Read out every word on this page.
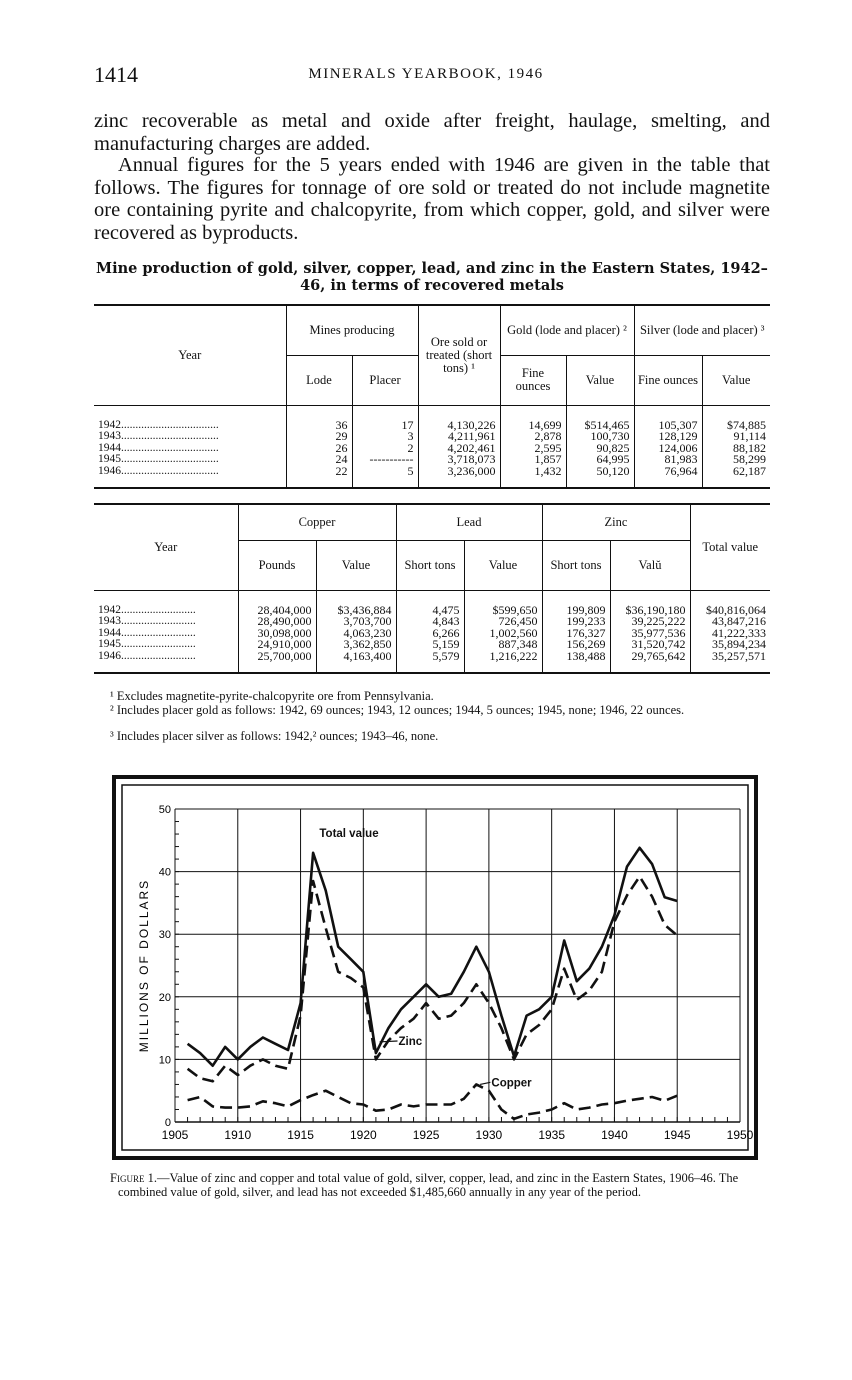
1414	MINERALS YEARBOOK, 1946

zinc recoverable as metal and oxide after freight, haulage, smelting, and manufacturing charges are added.

Annual figures for the 5 years ended with 1946 are given in the table that follows. The figures for tonnage of ore sold or treated do not include magnetite ore containing pyrite and chalcopyrite, from which copper, gold, and silver were recovered as byproducts.

Mine production of gold, silver, copper, lead, and zinc in the Eastern States, 1942–46, in terms of recovered metals
Year	Mines producing		Ore sold or treated (short tons) ¹	Gold (lode and placer) ²		Silver (lode and placer) ³	
	Lode	Placer		Fine ounces	Value	Fine ounces	Value
1942..................................	36	17	4,130,226	14,699	$514,465	105,307	$74,885
1943..................................	29	3	4,211,961	2,878	100,730	128,129	91,114
1944..................................	26	2	4,202,461	2,595	90,825	124,006	88,182
1945..................................	24	-----------	3,718,073	1,857	64,995	81,983	58,299
1946..................................	22	5	3,236,000	1,432	50,120	76,964	62,187
Year	Copper		Lead		Zinc		Total value
	Pounds	Value	Short tons	Value	Short tons	Valŭ	
1942..........................	28,404,000	$3,436,884	4,475	$599,650	199,809	$36,190,180	$40,816,064
1943..........................	28,490,000	3,703,700	4,843	726,450	199,233	39,225,222	43,847,216
1944..........................	30,098,000	4,063,230	6,266	1,002,560	176,327	35,977,536	41,222,333
1945..........................	24,910,000	3,362,850	5,159	887,348	156,269	31,520,742	35,894,234
1946..........................	25,700,000	4,163,400	5,579	1,216,222	138,488	29,765,642	35,257,571

¹ Excludes magnetite-pyrite-chalcopyrite ore from Pennsylvania.

² Includes placer gold as follows: 1942, 69 ounces; 1943, 12 ounces; 1944, 5 ounces; 1945, none; 1946, 22 ounces.

³ Includes placer silver as follows: 1942,² ounces; 1943–46, none.

1905	1910	1915	1920	1925	1930	1935	1940	1945	1950
0
10
20
30
40
50
MILLIONS OF DOLLARS
Total value
Zinc
Copper

Figure 1.—Value of zinc and copper and total value of gold, silver, copper, lead, and zinc in the Eastern States, 1906–46. The combined value of gold, silver, and lead has not exceeded $1,485,660 annually in any year of the period.
